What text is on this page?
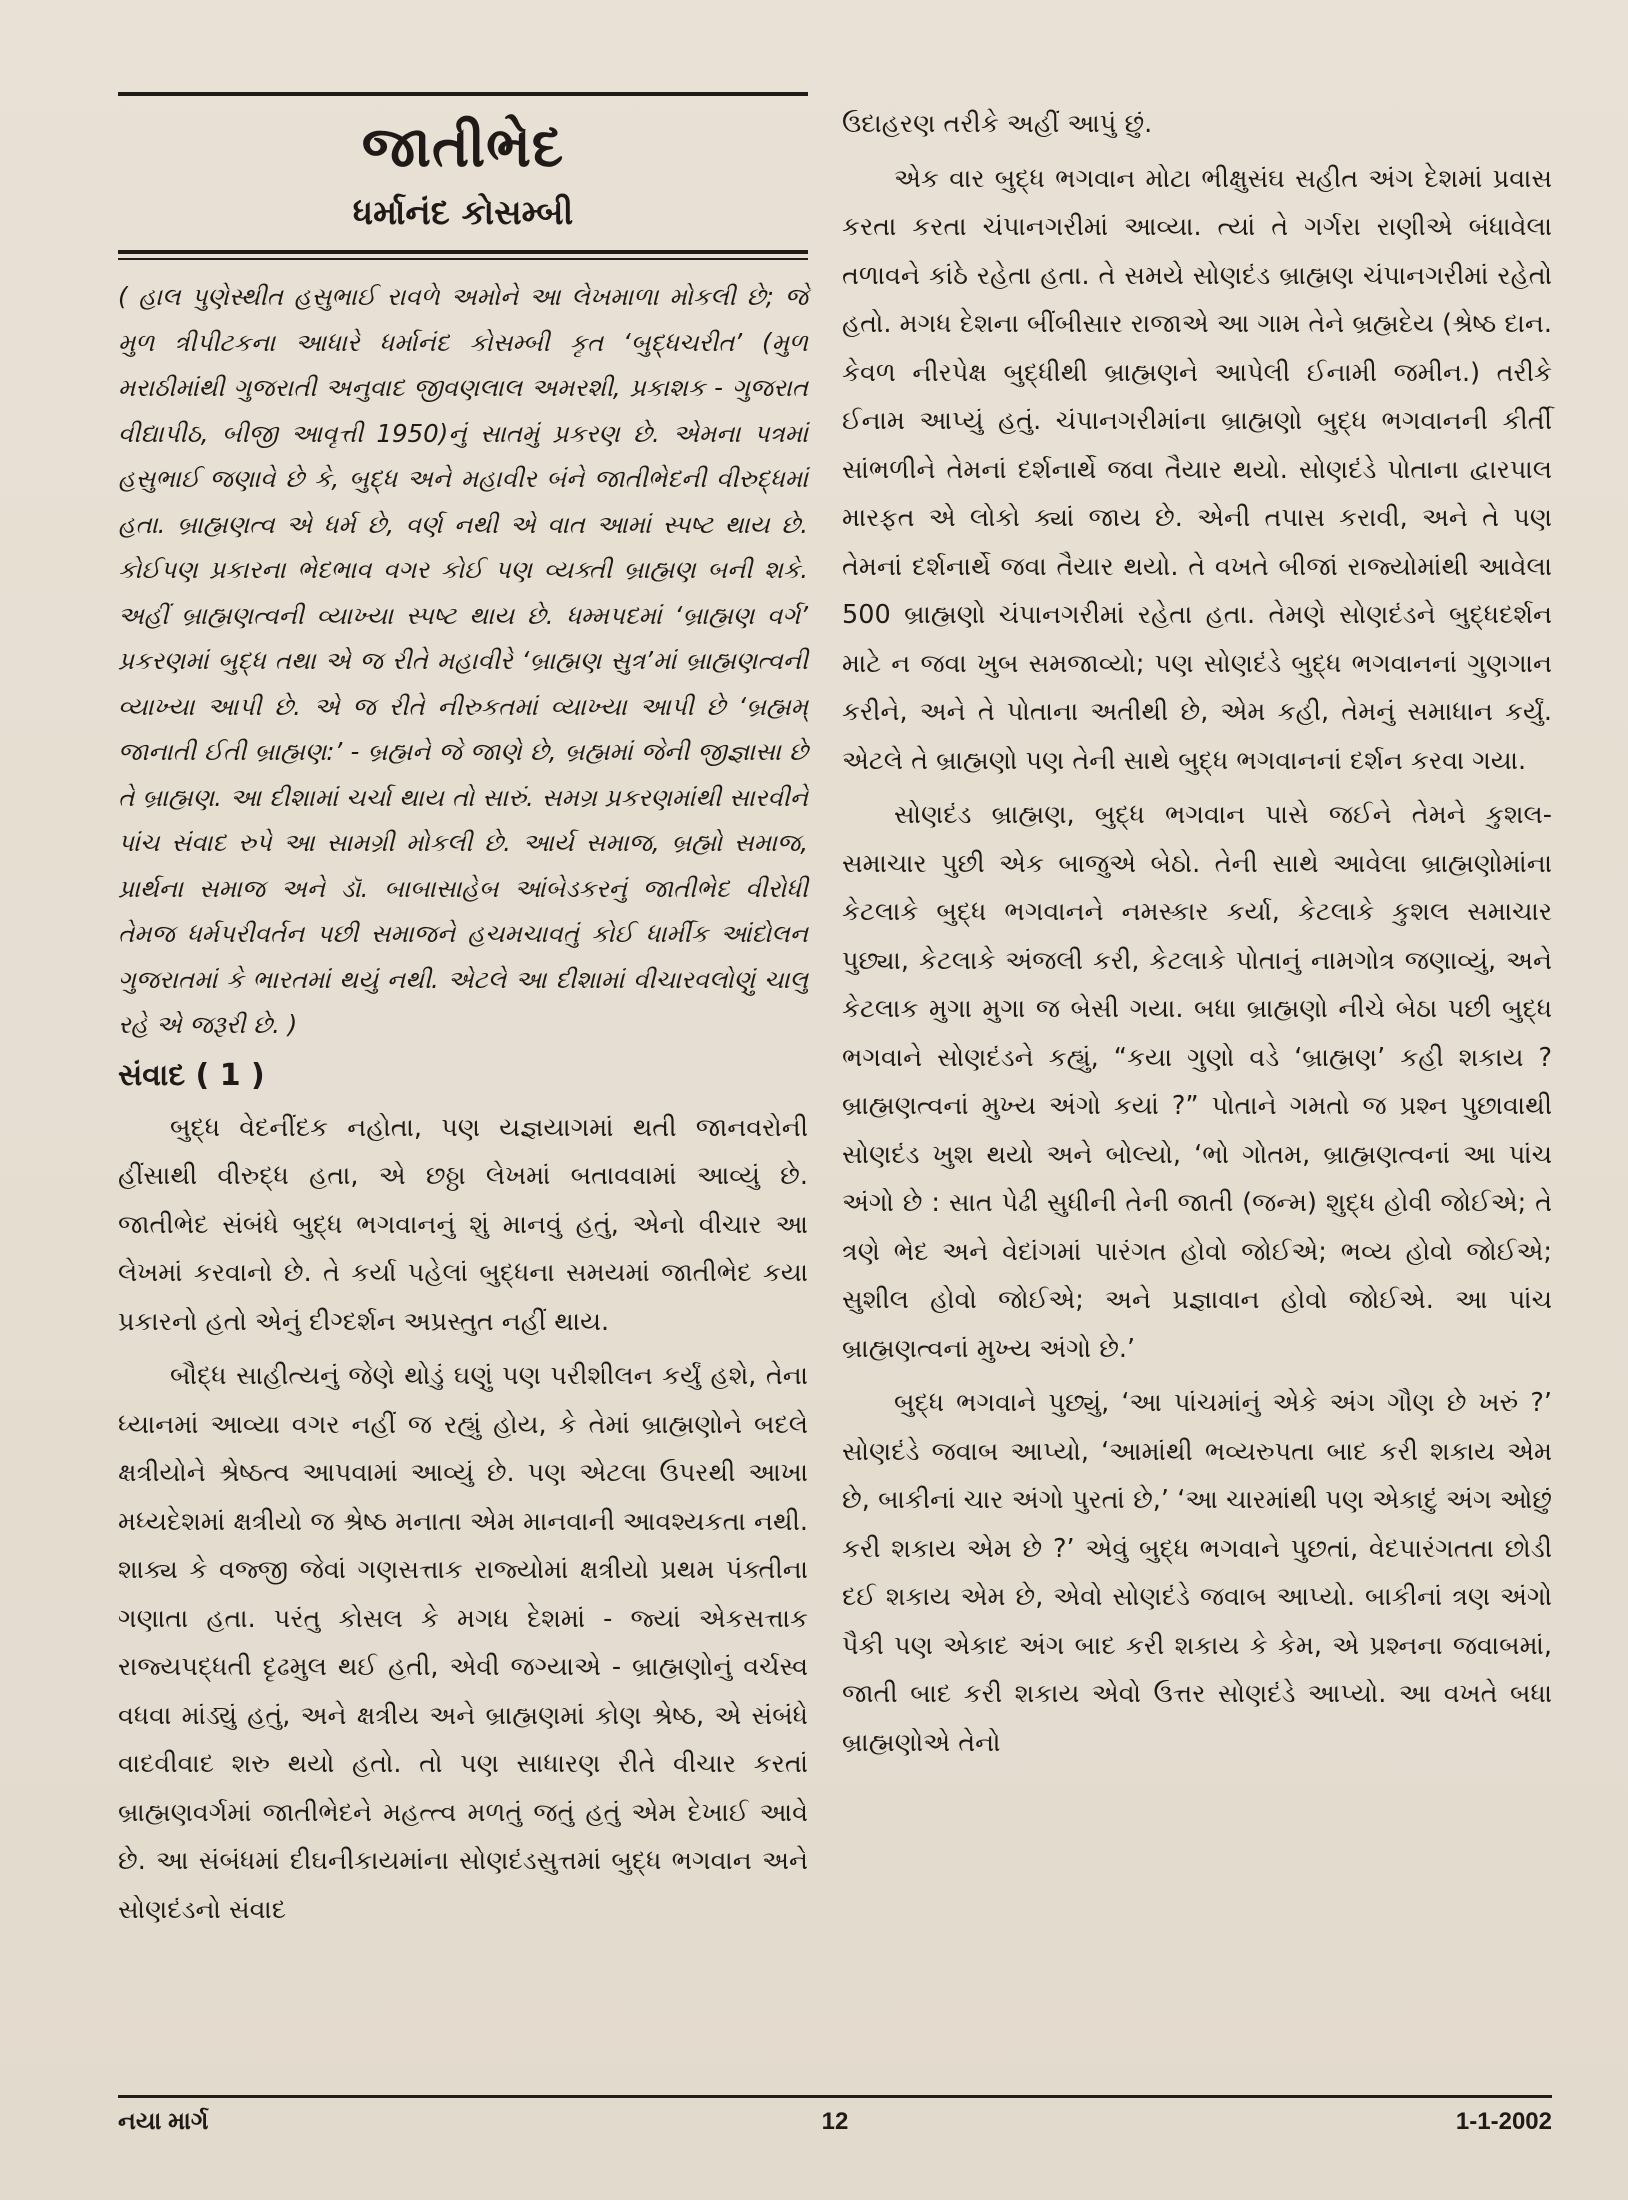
જાતીભેદ
ધર્માનંદ કોસમ્બી
( હાલ પુણેસ્થીત હસુભાઈ રાવળે અમોને આ લેખમાળા મોકલી છે; જે મુળ ત્રીપીટકના આધારે ધર્માનંદ કોસમ્બી કૃત ‘બુદ્ધચરીત’ (મુળ મરાઠીમાંથી ગુજરાતી અનુવાદ જીવણલાલ અમરશી, પ્રકાશક - ગુજરાત વીદ્યાપીઠ, બીજી આવૃત્તી 1950)નું સાતમું પ્રકરણ છે. એમના પત્રમાં હસુભાઈ જણાવે છે કે, બુદ્ધ અને મહાવીર બંને જાતીભેદની વીરુદ્ધમાં હતા. બ્રાહ્મણત્વ એ ધર્મ છે, વર્ણ નથી એ વાત આમાં સ્પષ્ટ થાય છે. કોઈપણ પ્રકારના ભેદભાવ વગર કોઈ પણ વ્યક્તી બ્રાહ્મણ બની શકે. અહીં બ્રાહ્મણત્વની વ્યાખ્યા સ્પષ્ટ થાય છે. ધમ્મપદમાં ‘બ્રાહ્મણ વર્ગ’ પ્રકરણમાં બુદ્ધ તથા એ જ રીતે મહાવીરે ‘બ્રાહ્મણ સુત્ર’માં બ્રાહ્મણત્વની વ્યાખ્યા આપી છે. એ જ રીતે નીરુકતમાં વ્યાખ્યા આપી છે ‘બ્રહ્મમ્ જાનાતી ઈતી બ્રાહ્મણ:’ - બ્રહ્મને જે જાણે છે, બ્રહ્મમાં જેની જીજ્ઞાસા છે તે બ્રાહ્મણ. આ દીશામાં ચર્ચા થાય તો સારું. સમગ્ર પ્રકરણમાંથી સારવીને પાંચ સંવાદ રુપે આ સામગ્રી મોકલી છે. આર્ય સમાજ, બ્રહ્મો સમાજ, પ્રાર્થના સમાજ અને ડૉ. બાબાસાહેબ આંબેડકરનું જાતીભેદ વીરોધી તેમજ ધર્મપરીવર્તન પછી સમાજને હચમચાવતું કોઈ ધાર્મીક આંદોલન ગુજરાતમાં કે ભારતમાં થયું નથી. એટલે આ દીશામાં વીચારવલોણું ચાલુ રહે એ જરૂરી છે. )
સંવાદ ( 1 )

બુદ્ધ વેદનીંદક નહોતા, પણ યજ્ઞયાગમાં થતી જાનવરોની હીંસાથી વીરુદ્ધ હતા, એ છઠ્ઠા લેખમાં બતાવવામાં આવ્યું છે. જાતીભેદ સંબંધે બુદ્ધ ભગવાનનું શું માનવું હતું, એનો વીચાર આ લેખમાં કરવાનો છે. તે કર્યા પહેલાં બુદ્ધના સમયમાં જાતીભેદ કયા પ્રકારનો હતો એનું દીગ્દર્શન અપ્રસ્તુત નહીં થાય.

બૌદ્ધ સાહીત્યનું જેણે થોડું ઘણું પણ પરીશીલન કર્યું હશે, તેના ધ્યાનમાં આવ્યા વગર નહીં જ રહ્યું હોય, કે તેમાં બ્રાહ્મણોને બદલે ક્ષત્રીયોને શ્રેષ્ઠત્વ આપવામાં આવ્યું છે. પણ એટલા ઉપરથી આખા મધ્યદેશમાં ક્ષત્રીયો જ શ્રેષ્ઠ મનાતા એમ માનવાની આવશ્યકતા નથી. શાક્ય કે વજ્જી જેવાં ગણસત્તાક રાજ્યોમાં ક્ષત્રીયો પ્રથમ પંક્તીના ગણાતા હતા. પરંતુ કોસલ કે મગધ દેશમાં - જ્યાં એકસત્તાક રાજ્યપદ્ધતી દૃઢમુલ થઈ હતી, એવી જગ્યાએ - બ્રાહ્મણોનું વર્ચસ્વ વધવા માંડ્યું હતું, અને ક્ષત્રીય અને બ્રાહ્મણમાં કોણ શ્રેષ્ઠ, એ સંબંધે વાદવીવાદ શરુ થયો હતો. તો પણ સાધારણ રીતે વીચાર કરતાં બ્રાહ્મણવર્ગમાં જાતીભેદને મહત્ત્વ મળતું જતું હતું એમ દેખાઈ આવે છે. આ સંબંધમાં દીઘનીકાયમાંના સોણદંડસુત્તમાં બુદ્ધ ભગવાન અને સોણદંડનો સંવાદ

ઉદાહરણ તરીકે અહીં આપું છું.

એક વાર બુદ્ધ ભગવાન મોટા ભીક્ષુસંઘ સહીત અંગ દેશમાં પ્રવાસ કરતા કરતા ચંપાનગરીમાં આવ્યા. ત્યાં તે ગર્ગરા રાણીએ બંધાવેલા તળાવને કાંઠે રહેતા હતા. તે સમયે સોણદંડ બ્રાહ્મણ ચંપાનગરીમાં રહેતો હતો. મગધ દેશના બીંબીસાર રાજાએ આ ગામ તેને બ્રહ્મદેય (શ્રેષ્ઠ દાન. કેવળ નીરપેક્ષ બુદ્ધીથી બ્રાહ્મણને આપેલી ઈનામી જમીન.) તરીકે ઈનામ આપ્યું હતું. ચંપાનગરીમાંના બ્રાહ્મણો બુદ્ધ ભગવાનની કીર્તી સાંભળીને તેમનાં દર્શનાર્થે જવા તૈયાર થયો. સોણદંડે પોતાના દ્વારપાલ મારફત એ લોકો ક્યાં જાય છે. એની તપાસ કરાવી, અને તે પણ તેમનાં દર્શનાર્થે જવા તૈયાર થયો. તે વખતે બીજાં રાજ્યોમાંથી આવેલા 500 બ્રાહ્મણો ચંપાનગરીમાં રહેતા હતા. તેમણે સોણદંડને બુદ્ધદર્શન માટે ન જવા ખુબ સમજાવ્યો; પણ સોણદંડે બુદ્ધ ભગવાનનાં ગુણગાન કરીને, અને તે પોતાના અતીથી છે, એમ કહી, તેમનું સમાધાન કર્યું. એટલે તે બ્રાહ્મણો પણ તેની સાથે બુદ્ધ ભગવાનનાં દર્શન કરવા ગયા.

સોણદંડ બ્રાહ્મણ, બુદ્ધ ભગવાન પાસે જઈને તેમને કુશલ-સમાચાર પુછી એક બાજુએ બેઠો. તેની સાથે આવેલા બ્રાહ્મણોમાંના કેટલાકે બુદ્ધ ભગવાનને નમસ્કાર કર્યા, કેટલાકે કુશલ સમાચાર પુછ્યા, કેટલાકે અંજલી કરી, કેટલાકે પોતાનું નામગોત્ર જણાવ્યું, અને કેટલાક મુગા મુગા જ બેસી ગયા. બધા બ્રાહ્મણો નીચે બેઠા પછી બુદ્ધ ભગવાને સોણદંડને કહ્યું, “કયા ગુણો વડે ‘બ્રાહ્મણ’ કહી શકાય ? બ્રાહ્મણત્વનાં મુખ્ય અંગો કયાં ?” પોતાને ગમતો જ પ્રશ્ન પુછાવાથી સોણદંડ ખુશ થયો અને બોલ્યો, ‘ભો ગોતમ, બ્રાહ્મણત્વનાં આ પાંચ અંગો છે : સાત પેઢી સુધીની તેની જાતી (જન્મ) શુદ્ધ હોવી જોઈએ; તે ત્રણે ભેદ અને વેદાંગમાં પારંગત હોવો જોઈએ; ભવ્ય હોવો જોઈએ; સુશીલ હોવો જોઈએ; અને પ્રજ્ઞાવાન હોવો જોઈએ. આ પાંચ બ્રાહ્મણત્વનાં મુખ્ય અંગો છે.’

બુદ્ધ ભગવાને પુછ્યું, ‘આ પાંચમાંનું એકે અંગ ગૌણ છે ખરું ?’ સોણદંડે જવાબ આપ્યો, ‘આમાંથી ભવ્યરુપતા બાદ કરી શકાય એમ છે, બાકીનાં ચાર અંગો પુરતાં છે,’ ‘આ ચારમાંથી પણ એકાદું અંગ ઓછું કરી શકાય એમ છે ?’ એવું બુદ્ધ ભગવાને પુછતાં, વેદપારંગતતા છોડી દઈ શકાય એમ છે, એવો સોણદંડે જવાબ આપ્યો. બાકીનાં ત્રણ અંગો પૈકી પણ એકાદ અંગ બાદ કરી શકાય કે કેમ, એ પ્રશ્નના જવાબમાં, જાતી બાદ કરી શકાય એવો ઉત્તર સોણદંડે આપ્યો. આ વખતે બધા બ્રાહ્મણોએ તેનો

નયા માર્ગ	12	1-1-2002
